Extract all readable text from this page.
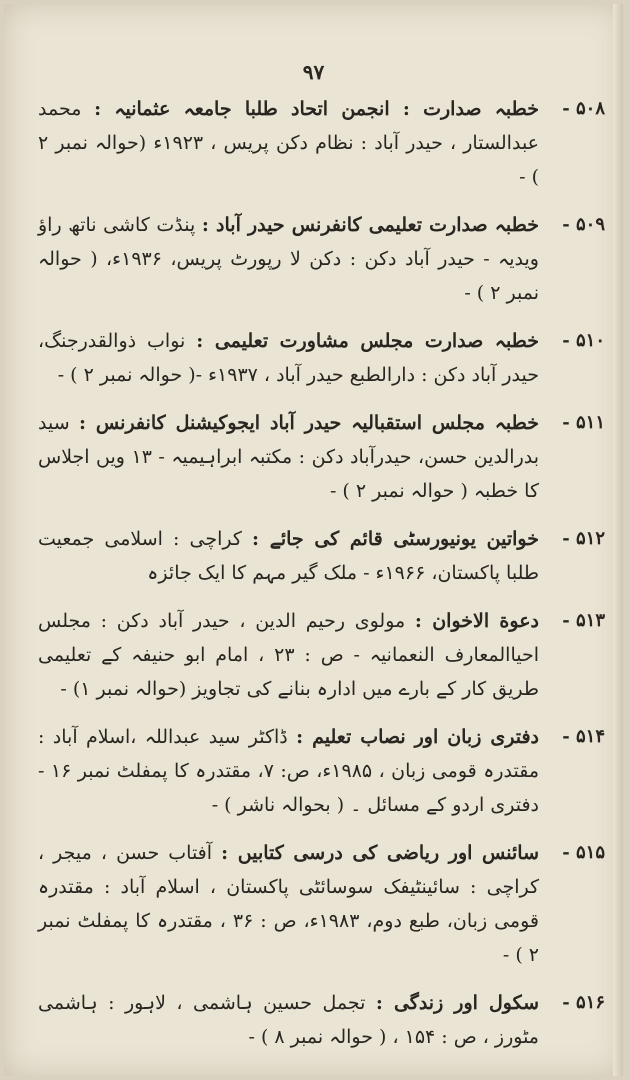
۹۷
خطبہ صدارت : انجمن اتحاد طلبا جامعہ عثمانیہ : محمد عبدالستار ، حیدر آباد : نظام دکن پریس ، ۱۹۲۳ء (حوالہ نمبر ۲ ) -
۵۰۸ -
خطبہ صدارت تعلیمی کانفرنس حیدر آباد : پنڈت کاشی ناتھ راؤ ویدیہ - حیدر آباد دکن : دکن لا رپورٹ پریس، ۱۹۳۶ء، ( حوالہ نمبر ۲ ) -
۵۰۹ -
خطبہ صدارت مجلس مشاورت تعلیمی : نواب ذوالقدرجنگ، حیدر آباد دکن : دارالطبع حیدر آباد ، ۱۹۳۷ء -( حوالہ نمبر ۲ ) -
۵۱۰ -
خطبہ مجلس استقبالیہ حیدر آباد ایجوکیشنل کانفرنس : سید بدرالدین حسن، حیدرآباد دکن : مکتبہ ابراہیمیہ - ۱۳ ویں اجلاس کا خطبہ ( حوالہ نمبر ۲ ) -
۵۱۱ -
خواتین یونیورسٹی قائم کی جائے : کراچی : اسلامی جمعیت طلبا پاکستان، ۱۹۶۶ء - ملک گیر مہم کا ایک جائزہ
۵۱۲ -
دعوة الاخوان : مولوی رحیم الدین ، حیدر آباد دکن : مجلس احیاالمعارف النعمانیہ - ص : ۲۳ ، امام ابو حنیفہ کے تعلیمی طریق کار کے بارے میں ادارہ بنانے کی تجاویز (حوالہ نمبر ۱) -
۵۱۳ -
دفتری زبان اور نصاب تعلیم : ڈاکٹر سید عبداللہ ،اسلام آباد : مقتدرہ قومی زبان ، ۱۹۸۵ء، ص: ۷، مقتدرہ کا پمفلٹ نمبر ۱۶ - دفتری اردو کے مسائل ۔ ( بحوالہ ناشر ) -
۵۱۴ -
سائنس اور ریاضی کی درسی کتابیں : آفتاب حسن ، میجر ، کراچی : سائینٹیفک سوسائٹی پاکستان ، اسلام آباد : مقتدرہ قومی زبان، طبع دوم، ۱۹۸۳ء، ص : ۳۶ ، مقتدرہ کا پمفلٹ نمبر ۲ ) -
۵۱۵ -
سکول اور زندگی : تجمل حسین ہاشمی ، لاہور : ہاشمی مٹورز ، ص : ۱۵۴ ، ( حوالہ نمبر ۸ ) -
۵۱۶ -
